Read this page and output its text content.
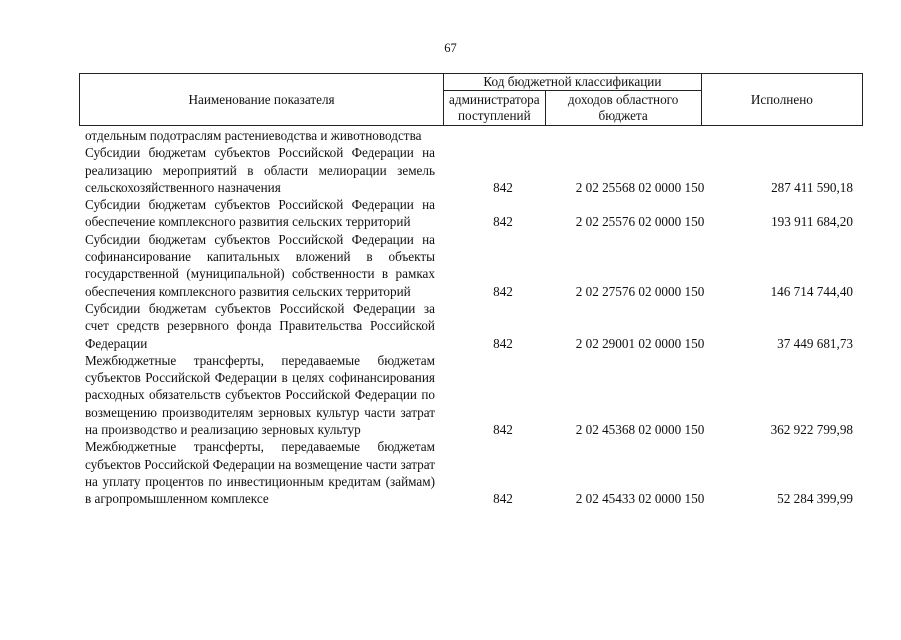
67
Наименование показателя	Код бюджетной классификации		Исполнено
	администратора поступлений	доходов областного бюджета	
отдельным подотраслям растениеводства и животноводства
Субсидии бюджетам субъектов Российской Федерации на реализацию мероприятий в области мелиорации земель сельскохозяйственного назначения	842	2 02 25568 02 0000 150	287 411 590,18
Субсидии бюджетам субъектов Российской Федерации на обеспечение комплексного развития сельских территорий	842	2 02 25576 02 0000 150	193 911 684,20
Субсидии бюджетам субъектов Российской Федерации на софинансирование капитальных вложений в объекты государственной (муниципальной) собственности в рамках обеспечения комплексного развития сельских территорий	842	2 02 27576 02 0000 150	146 714 744,40
Субсидии бюджетам субъектов Российской Федерации за счет средств резервного фонда Правительства Российской Федерации	842	2 02 29001 02 0000 150	37 449 681,73
Межбюджетные трансферты, передаваемые бюджетам субъектов Российской Федерации в целях софинансирования расходных обязательств субъектов Российской Федерации по возмещению производителям зерновых культур части затрат на производство и реализацию зерновых культур	842	2 02 45368 02 0000 150	362 922 799,98
Межбюджетные трансферты, передаваемые бюджетам субъектов Российской Федерации на возмещение части затрат на уплату процентов по инвестиционным кредитам (займам) в агропромышленном комплексе	842	2 02 45433 02 0000 150	52 284 399,99
